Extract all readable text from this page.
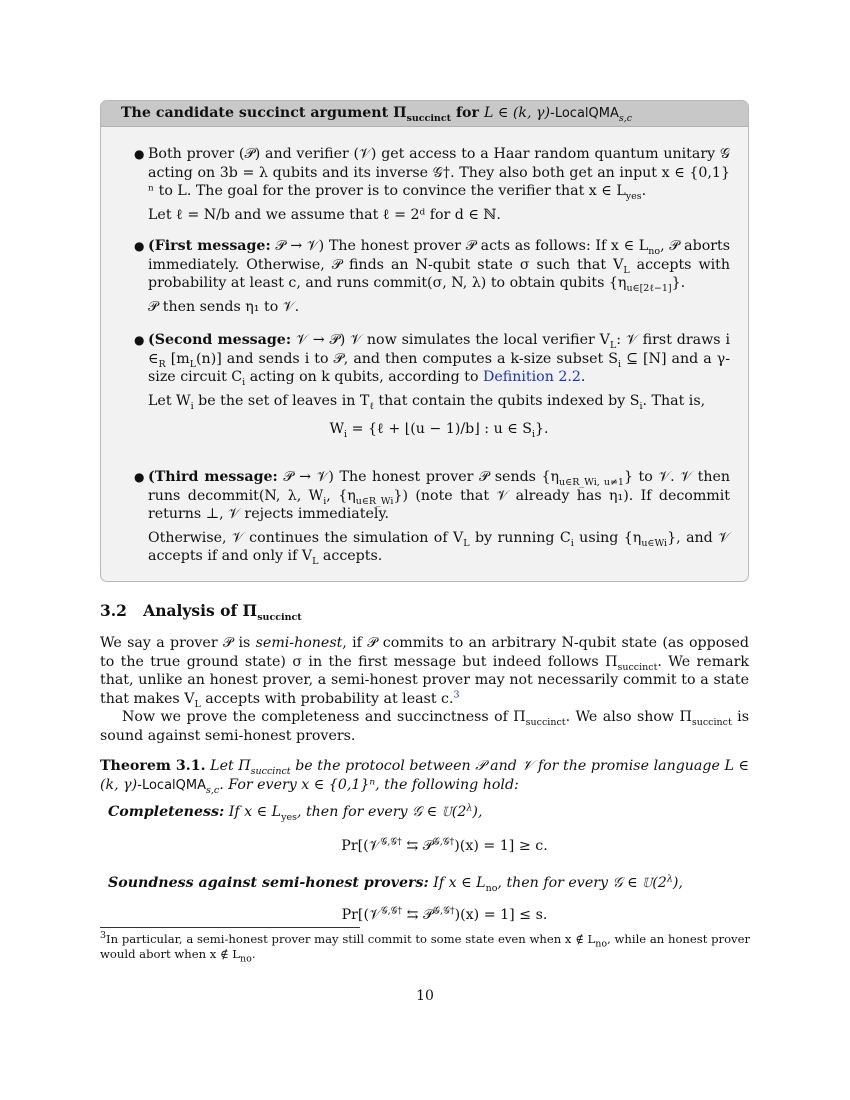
The candidate succinct argument $\Pi_{succinct}$ for L ∈ (k, γ)-LocalQMA$_{s,c}$
● Both prover (𝒫) and verifier (𝒱) get access to a Haar random quantum unitary 𝒢 acting on 3b = λ qubits and its inverse 𝒢†. They also both get an input x ∈ {0,1}ⁿ to L. The goal for the prover is to convince the verifier that x ∈ $L_{yes}$.

Let ℓ = N/b and we assume that ℓ = 2ᵈ for d ∈ ℕ.

● (First message: 𝒫 → 𝒱) The honest prover 𝒫 acts as follows: If x ∈ $L_{no}$, 𝒫 aborts immediately. Otherwise, 𝒫 finds an N-qubit state σ such that $V_L$ accepts with probability at least c, and runs commit(σ, N, λ) to obtain qubits $\{\eta_{u\in[2\ell-1]}\}$.

𝒫 then sends η₁ to 𝒱.

● (Second message: 𝒱 → 𝒫) 𝒱 now simulates the local verifier $V_L$: 𝒱 first draws i $\in_R$ $[m_L(n)]$ and sends i to 𝒫, and then computes a k-size subset $S_i$ ⊆ [N] and a γ-size circuit $C_i$ acting on k qubits, according to Definition 2.2.

Let $W_i$ be the set of leaves in $T_\ell$ that contain the qubits indexed by $S_i$. That is,

$W_i$ = {ℓ + ⌊(u − 1)/b⌋ : u ∈ $S_i$}.

● (Third message: 𝒫 → 𝒱) The honest prover 𝒫 sends $\{\eta_{u\in R\_Wi, u\ne 1}\}$ to 𝒱. 𝒱 then runs decommit(N, λ, $W_i$, $\{\eta_{u\in R\_Wi}\}$) (note that 𝒱 already has η₁). If decommit returns ⊥, 𝒱 rejects immediately.

Otherwise, 𝒱 continues the simulation of $V_L$ by running $C_i$ using $\{\eta_{u\in Wi}\}$, and 𝒱 accepts if and only if $V_L$ accepts.

3.2 Analysis of $\Pi_{succinct}$

We say a prover 𝒫 is semi-honest, if 𝒫 commits to an arbitrary N-qubit state (as opposed to the true ground state) σ in the first message but indeed follows $\Pi_{succinct}$. We remark that, unlike an honest prover, a semi-honest prover may not necessarily commit to a state that makes $V_L$ accepts with probability at least c.$^3$

Now we prove the completeness and succinctness of $\Pi_{succinct}$. We also show $\Pi_{succinct}$ is sound against semi-honest provers.

Theorem 3.1. Let $\Pi_{succinct}$ be the protocol between 𝒫 and 𝒱 for the promise language L ∈ (k, γ)-LocalQMA$_{s,c}$. For every x ∈ {0,1}ⁿ, the following hold:

Completeness: If x ∈ $L_{yes}$, then for every 𝒢 ∈ $𝕌(2^\lambda)$,
Pr[(𝒱$^{𝒢,𝒢\dagger}$ ⇆ 𝒫$^{𝒢,𝒢\dagger}$)(x) = 1] ≥ c.
Soundness against semi-honest provers: If x ∈ $L_{no}$, then for every 𝒢 ∈ $𝕌(2^\lambda)$,
Pr[(𝒱$^{𝒢,𝒢\dagger}$ ⇆ 𝒫$^{𝒢,𝒢\dagger}$)(x) = 1] ≤ s.
$^3$In particular, a semi-honest prover may still commit to some state even when x ∉ $L_{no}$, while an honest prover would abort when x ∉ $L_{no}$.
10
